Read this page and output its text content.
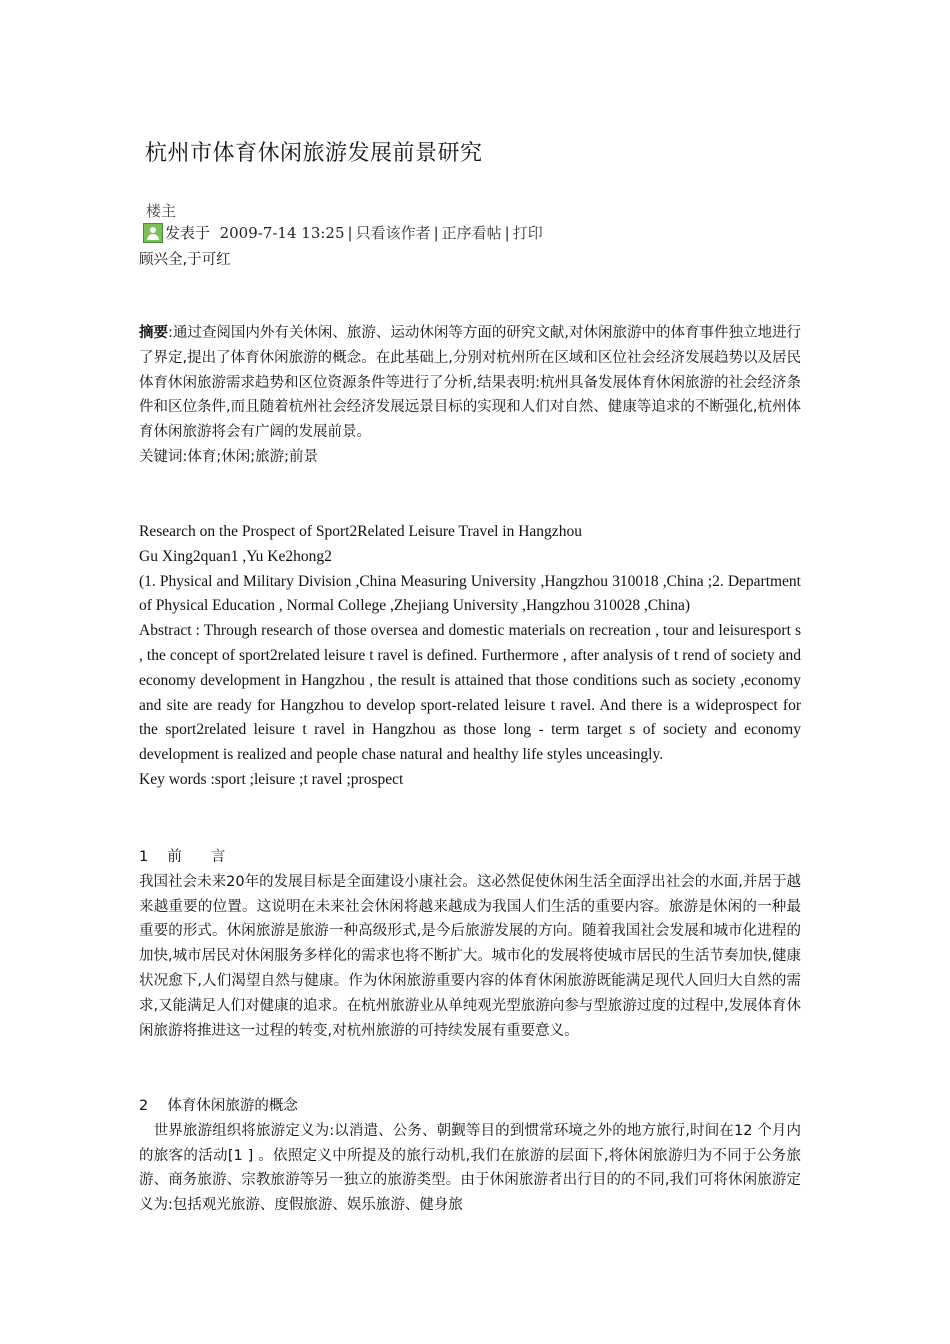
杭州市体育休闲旅游发展前景研究
楼主
发表于
2009-7-14 13:25 | 只看该作者 | 正序看帖 | 打印
顾兴全,于可红

摘要:通过查阅国内外有关休闲、旅游、运动休闲等方面的研究文献,对休闲旅游中的体育事件独立地进行了界定,提出了体育休闲旅游的概念。在此基础上,分别对杭州所在区域和区位社会经济发展趋势以及居民体育休闲旅游需求趋势和区位资源条件等进行了分析,结果表明:杭州具备发展体育休闲旅游的社会经济条件和区位条件,而且随着杭州社会经济发展远景目标的实现和人们对自然、健康等追求的不断强化,杭州体育休闲旅游将会有广阔的发展前景。

关键词:体育;休闲;旅游;前景

Research on the Prospect of Sport2Related Leisure Travel in Hangzhou

Gu Xing2quan1 ,Yu Ke2hong2

(1. Physical and Military Division ,China Measuring University ,Hangzhou 310018 ,China ;2. Department of Physical Education , Normal College ,Zhejiang University ,Hangzhou 310028 ,China)

Abstract : Through research of those oversea and domestic materials on recreation , tour and leisuresport s , the concept of sport2related leisure t ravel is defined. Furthermore , after analysis of t rend of society and economy development in Hangzhou , the result is attained that those conditions such as society ,economy and site are ready for Hangzhou to develop sport-related leisure t ravel. And there is a wideprospect for the sport2related leisure t ravel in Hangzhou as those long - term target s of society and economy development is realized and people chase natural and healthy life styles unceasingly.

Key words :sport ;leisure ;t ravel ;prospect

1　 前　　言

我国社会未来20年的发展目标是全面建设小康社会。这必然促使休闲生活全面浮出社会的水面,并居于越来越重要的位置。这说明在未来社会休闲将越来越成为我国人们生活的重要内容。旅游是休闲的一种最重要的形式。休闲旅游是旅游一种高级形式,是今后旅游发展的方向。随着我国社会发展和城市化进程的加快,城市居民对休闲服务多样化的需求也将不断扩大。城市化的发展将使城市居民的生活节奏加快,健康状况愈下,人们渴望自然与健康。作为休闲旅游重要内容的体育休闲旅游既能满足现代人回归大自然的需求,又能满足人们对健康的追求。在杭州旅游业从单纯观光型旅游向参与型旅游过度的过程中,发展体育休闲旅游将推进这一过程的转变,对杭州旅游的可持续发展有重要意义。

2　 体育休闲旅游的概念

　世界旅游组织将旅游定义为:以消遣、公务、朝觐等目的到惯常环境之外的地方旅行,时间在12 个月内的旅客的活动[1 ] 。依照定义中所提及的旅行动机,我们在旅游的层面下,将休闲旅游归为不同于公务旅游、商务旅游、宗教旅游等另一独立的旅游类型。由于休闲旅游者出行目的的不同,我们可将休闲旅游定义为:包括观光旅游、度假旅游、娱乐旅游、健身旅
